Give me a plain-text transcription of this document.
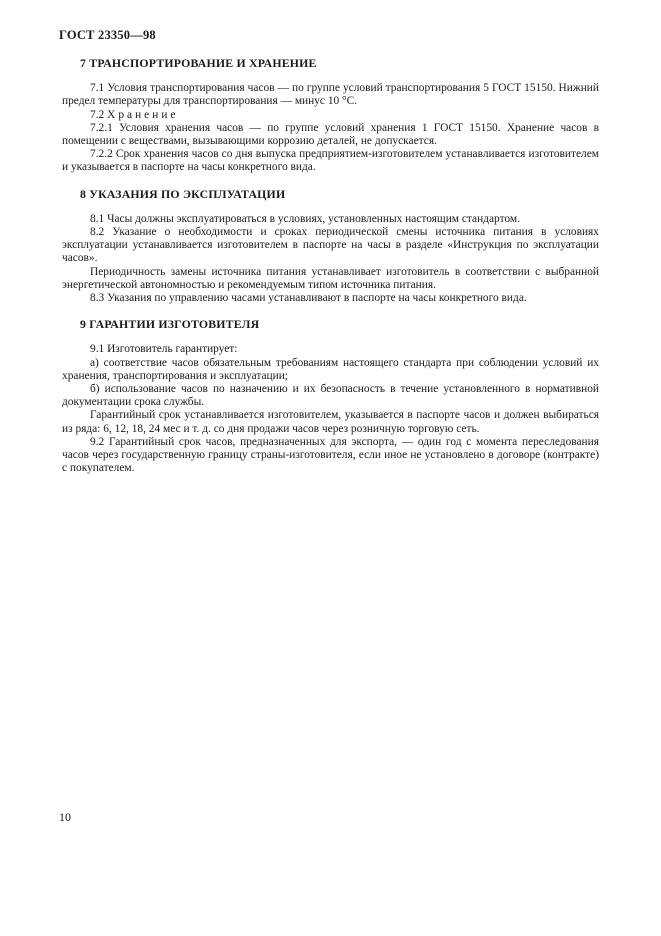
ГОСТ 23350—98
7 ТРАНСПОРТИРОВАНИЕ И ХРАНЕНИЕ

7.1 Условия транспортирования часов — по группе условий транспортирования 5 ГОСТ 15150. Нижний предел температуры для транспортирования — минус 10 °С.

7.2 Хранение

7.2.1 Условия хранения часов — по группе условий хранения 1 ГОСТ 15150. Хранение часов в помещении с веществами, вызывающими коррозию деталей, не допускается.

7.2.2 Срок хранения часов со дня выпуска предприятием-изготовителем устанавливается изготовителем и указывается в паспорте на часы конкретного вида.

8 УКАЗАНИЯ ПО ЭКСПЛУАТАЦИИ

8.1 Часы должны эксплуатироваться в условиях, установленных настоящим стандартом.

8.2 Указание о необходимости и сроках периодической смены источника питания в условиях эксплуатации устанавливается изготовителем в паспорте на часы в разделе «Инструкция по эксплуатации часов».

Периодичность замены источника питания устанавливает изготовитель в соответствии с выбранной энергетической автономностью и рекомендуемым типом источника питания.

8.3 Указания по управлению часами устанавливают в паспорте на часы конкретного вида.

9 ГАРАНТИИ ИЗГОТОВИТЕЛЯ

9.1 Изготовитель гарантирует:

а) соответствие часов обязательным требованиям настоящего стандарта при соблюдении условий их хранения, транспортирования и эксплуатации;

б) использование часов по назначению и их безопасность в течение установленного в нормативной документации срока службы.

Гарантийный срок устанавливается изготовителем, указывается в паспорте часов и должен выбираться из ряда: 6, 12, 18, 24 мес и т. д. со дня продажи часов через розничную торговую сеть.

9.2 Гарантийный срок часов, предназначенных для экспорта, — один год с момента переследования часов через государственную границу страны-изготовителя, если иное не установлено в договоре (контракте) с покупателем.

10
